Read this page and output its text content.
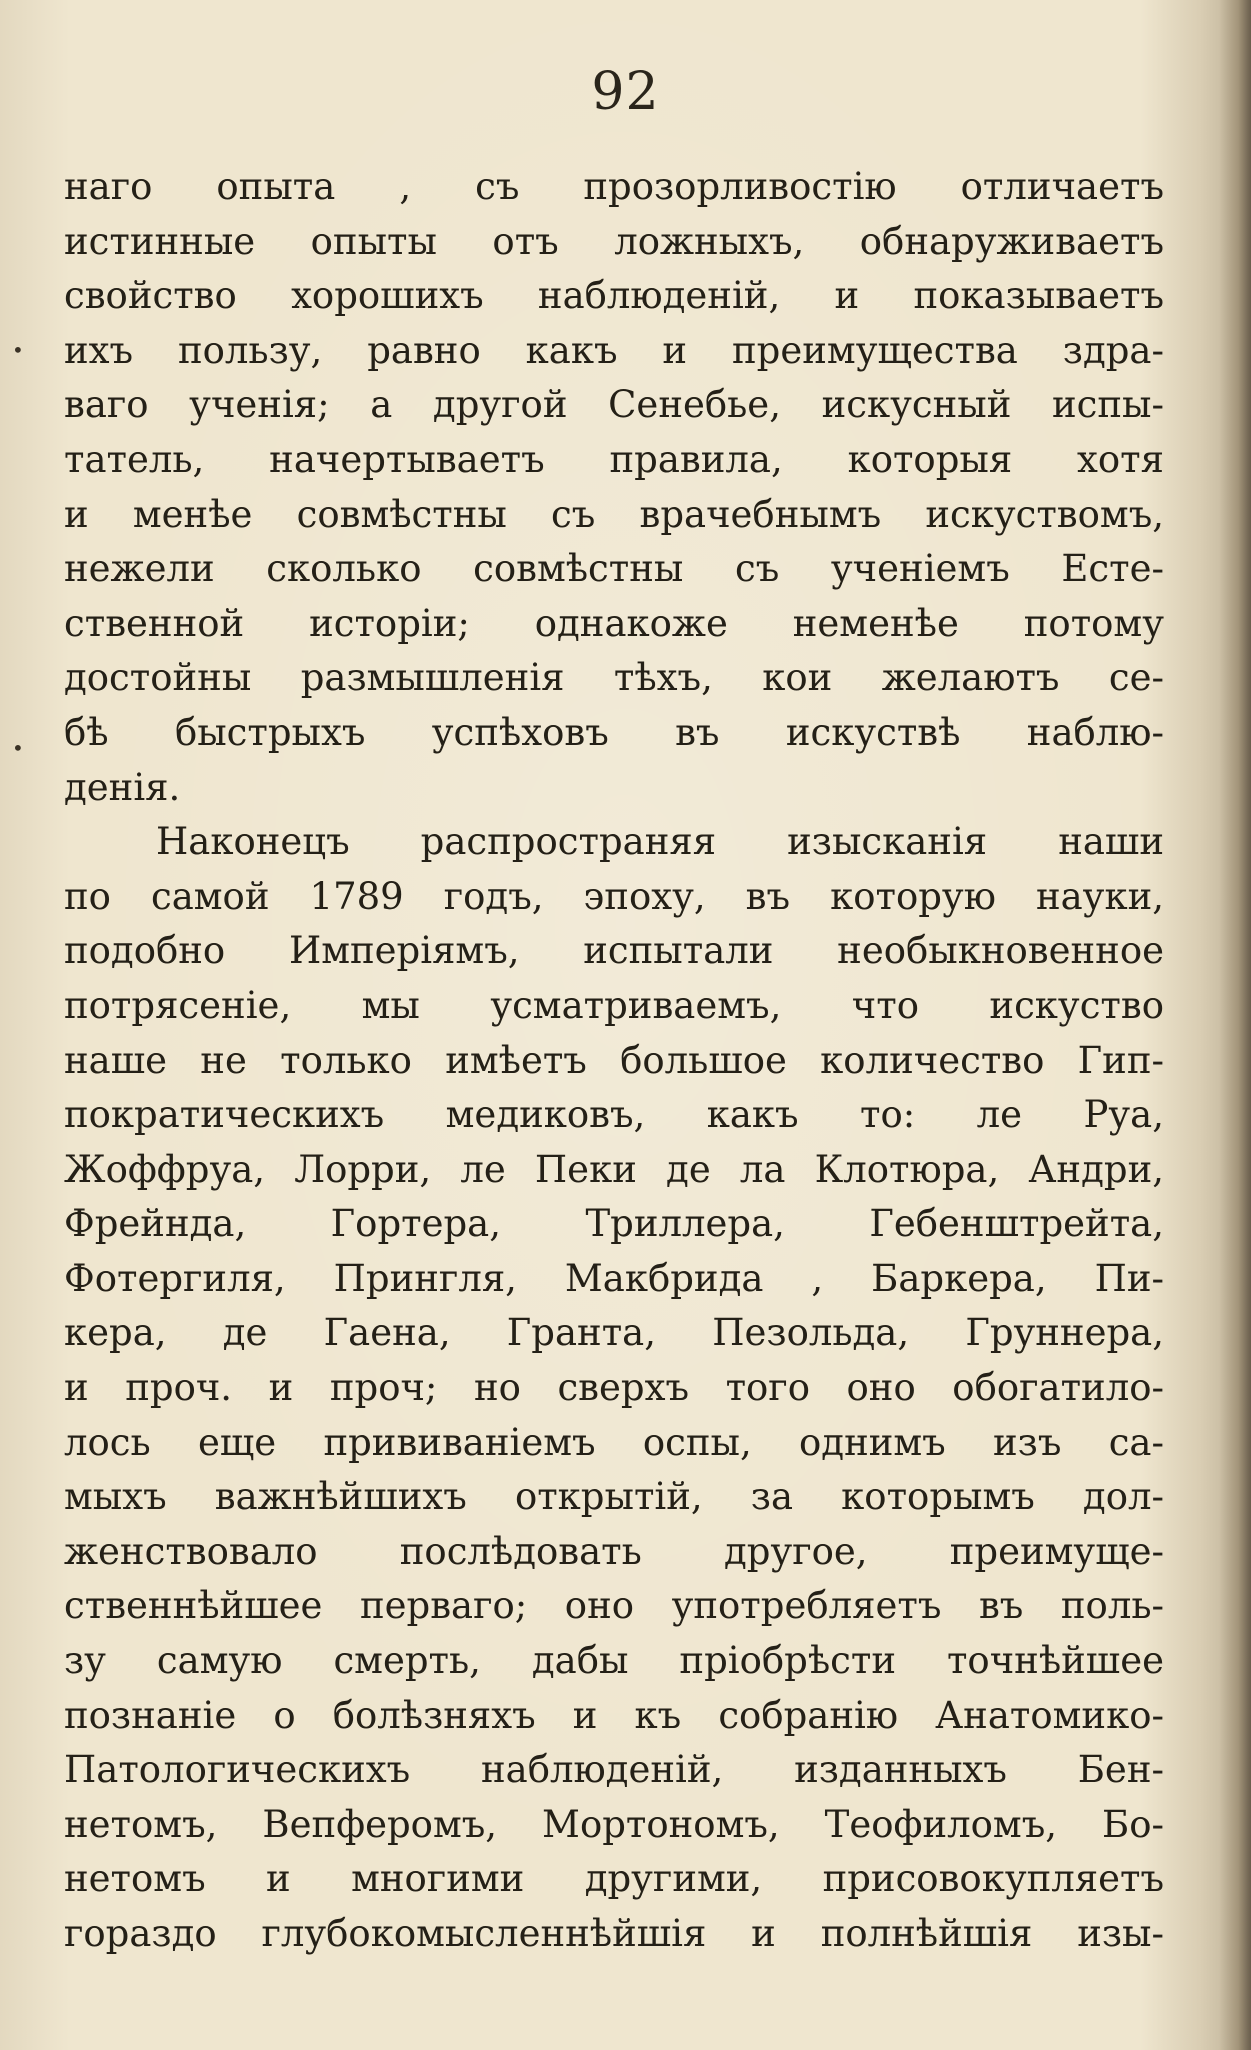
92
•
•
наго опыта , съ прозорливостію отличаетъ
истинные опыты отъ ложныхъ, обнаруживаетъ
свойство хорошихъ наблюденій, и показываетъ
ихъ пользу, равно какъ и преимущества здра-
ваго ученія; а другой Сенебье, искусный испы-
татель, начертываетъ правила, которыя хотя
и менѣе совмѣстны съ врачебнымъ искуствомъ,
нежели сколько совмѣстны съ ученіемъ Есте-
ственной исторіи; однакоже неменѣе потому
достойны размышленія тѣхъ, кои желаютъ се-
бѣ быстрыхъ успѣховъ въ искуствѣ наблю-
денія.
Наконецъ распространяя изысканія наши
по самой 1789 годъ, эпоху, въ которую науки,
подобно Имперіямъ, испытали необыкновенное
потрясеніе, мы усматриваемъ, что искуство
наше не только имѣетъ большое количество Гип-
пократическихъ медиковъ, какъ то: ле Руа,
Жоффруа, Лорри, ле Пеки де ла Клотюра, Андри,
Фрейнда, Гортера, Триллера, Гебенштрейта,
Фотергиля, Прингля, Макбрида , Баркера, Пи-
кера, де Гаена, Гранта, Пезольда, Груннера,
и проч. и проч; но сверхъ того оно обогатило-
лось еще прививаніемъ оспы, однимъ изъ са-
мыхъ важнѣйшихъ открытій, за которымъ дол-
женствовало послѣдовать другое, преимуще-
ственнѣйшее перваго; оно употребляетъ въ поль-
зу самую смерть, дабы пріобрѣсти точнѣйшее
познаніе о болѣзняхъ и къ собранію Анатомико-
Патологическихъ наблюденій, изданныхъ Бен-
нетомъ, Вепферомъ, Мортономъ, Теофиломъ, Бо-
нетомъ и многими другими, присовокупляетъ
гораздо глубокомысленнѣйшія и полнѣйшія изы-
